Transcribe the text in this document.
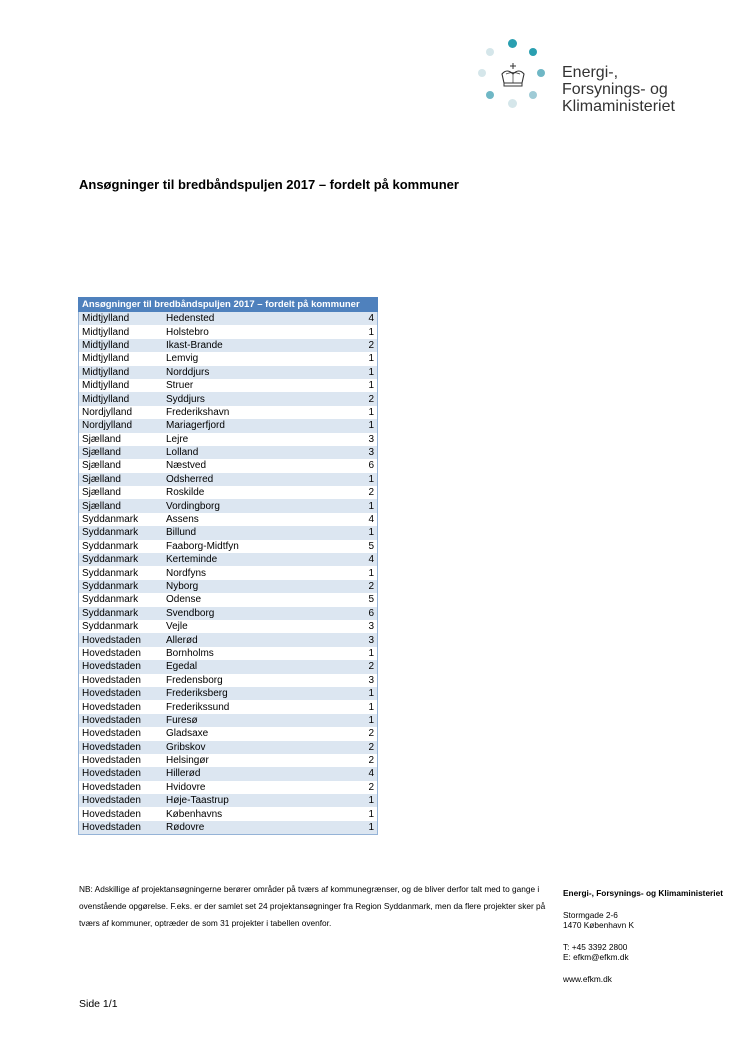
Energi-,
Forsynings- og
Klimaministeriet
Ansøgninger til bredbåndspuljen 2017 – fordelt på kommuner
Ansøgninger til bredbåndspuljen 2017 – fordelt på kommuner		
Midtjylland	Hedensted	4
Midtjylland	Holstebro	1
Midtjylland	Ikast-Brande	2
Midtjylland	Lemvig	1
Midtjylland	Norddjurs	1
Midtjylland	Struer	1
Midtjylland	Syddjurs	2
Nordjylland	Frederikshavn	1
Nordjylland	Mariagerfjord	1
Sjælland	Lejre	3
Sjælland	Lolland	3
Sjælland	Næstved	6
Sjælland	Odsherred	1
Sjælland	Roskilde	2
Sjælland	Vordingborg	1
Syddanmark	Assens	4
Syddanmark	Billund	1
Syddanmark	Faaborg-Midtfyn	5
Syddanmark	Kerteminde	4
Syddanmark	Nordfyns	1
Syddanmark	Nyborg	2
Syddanmark	Odense	5
Syddanmark	Svendborg	6
Syddanmark	Vejle	3
Hovedstaden	Allerød	3
Hovedstaden	Bornholms	1
Hovedstaden	Egedal	2
Hovedstaden	Fredensborg	3
Hovedstaden	Frederiksberg	1
Hovedstaden	Frederikssund	1
Hovedstaden	Furesø	1
Hovedstaden	Gladsaxe	2
Hovedstaden	Gribskov	2
Hovedstaden	Helsingør	2
Hovedstaden	Hillerød	4
Hovedstaden	Hvidovre	2
Hovedstaden	Høje-Taastrup	1
Hovedstaden	Københavns	1
Hovedstaden	Rødovre	1
NB: Adskillige af projektansøgningerne berører områder på tværs af kommunegrænser, og de bliver derfor talt med to gange i ovenstående opgørelse. F.eks. er der samlet set 24 projektansøgninger fra Region Syddanmark, men da flere projekter sker på tværs af kommuner, optræder de som 31 projekter i tabellen ovenfor.
Energi-, Forsynings- og Klimaministeriet
Stormgade 2-6
1470 København K
T: +45 3392 2800
E: efkm@efkm.dk
www.efkm.dk
Side 1/1
